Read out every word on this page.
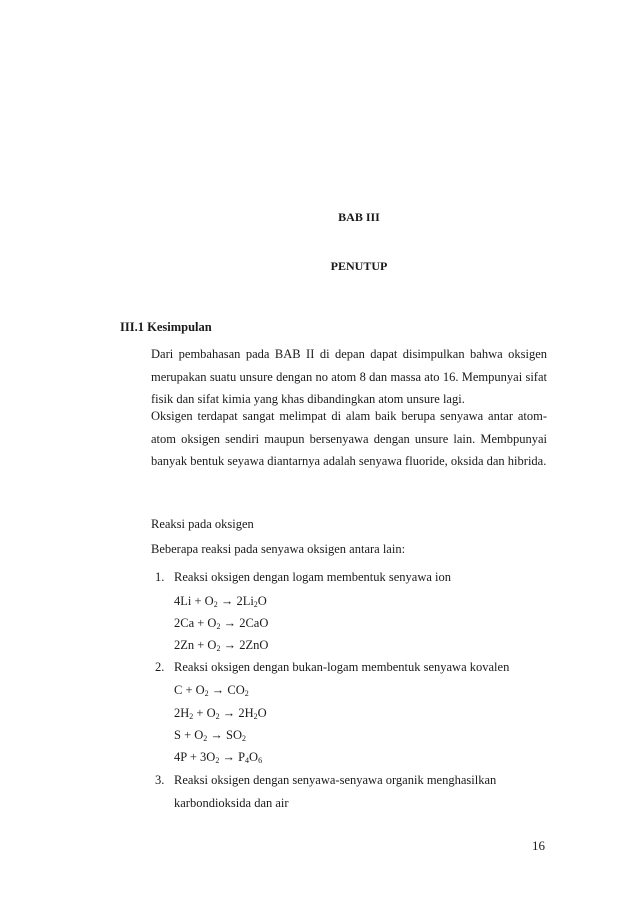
BAB III
PENUTUP
III.1 Kesimpulan
Dari pembahasan pada BAB II di depan dapat disimpulkan bahwa oksigen merupakan suatu unsure dengan no atom 8 dan massa ato 16. Mempunyai sifat fisik dan sifat kimia yang khas dibandingkan atom unsure lagi.
Oksigen terdapat sangat melimpat di alam baik berupa senyawa antar atom-atom oksigen sendiri maupun bersenyawa dengan unsure lain. Membpunyai banyak bentuk seyawa diantarnya adalah senyawa fluoride, oksida dan hibrida.
Reaksi pada oksigen
Beberapa reaksi pada senyawa oksigen antara lain:
1. Reaksi oksigen dengan logam membentuk senyawa ion
$4Li + O_2 \to 2Li_2O$
$2Ca + O_2 \to 2CaO$
$2Zn + O_2 \to 2ZnO$
2. Reaksi oksigen dengan bukan-logam membentuk senyawa kovalen
$C + O_2 \to CO_2$
$2H_2 + O_2 \to 2H_2O$
$S + O_2 \to SO_2$
$4P + 3O_2 \to P_4O_6$
3. Reaksi oksigen dengan senyawa-senyawa organik menghasilkan
karbondioksida dan air
16
